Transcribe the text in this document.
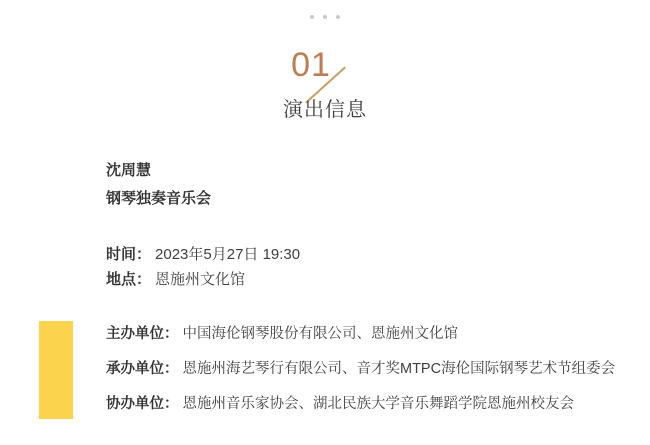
01
演出信息

沈周慧

钢琴独奏音乐会

时间： 2023年5月27日 19:30

地点： 恩施州文化馆

主办单位： 中国海伦钢琴股份有限公司、恩施州文化馆

承办单位： 恩施州海艺琴行有限公司、音才奖MTPC海伦国际钢琴艺术节组委会

协办单位： 恩施州音乐家协会、湖北民族大学音乐舞蹈学院恩施州校友会
